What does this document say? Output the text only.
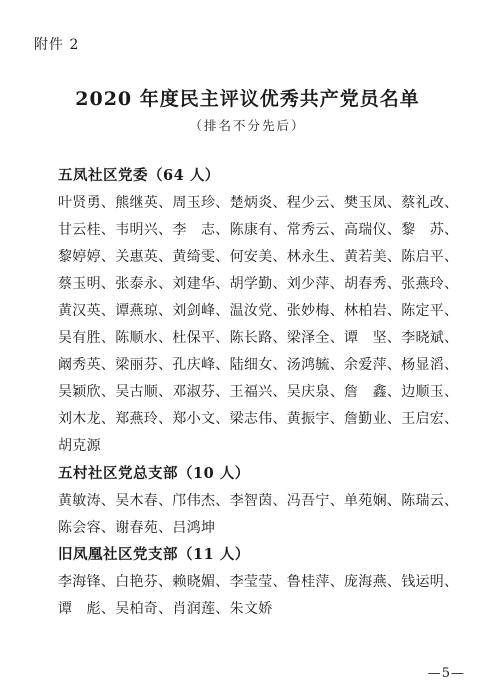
附件 2
2020 年度民主评议优秀共产党员名单
（排名不分先后）
五凤社区党委（64 人）
叶贤勇、熊继英、周玉珍、楚炳炎、程少云、樊玉凤、蔡礼改、
甘云桂、韦明兴、李　志、陈康有、常秀云、高瑞仪、黎　苏、
黎婷婷、关惠英、黄绮雯、何安美、林永生、黄若美、陈启平、
蔡玉明、张泰永、刘建华、胡学勤、刘少萍、胡春秀、张燕玲、
黄汉英、谭燕琼、刘剑峰、温汝党、张妙梅、林柏岩、陈定平、
吴有胜、陈顺水、杜保平、陈长路、梁泽全、谭　坚、李晓斌、
阚秀英、梁丽芬、孔庆峰、陆细女、汤鸿毓、余爱萍、杨显滔、
吴颖欣、吴古顺、邓淑芬、王福兴、吴庆泉、詹　鑫、边顺玉、
刘木龙、郑燕玲、郑小文、梁志伟、黄振宇、詹勤业、王启宏、
胡克源
五村社区党总支部（10 人）
黄敏涛、吴木春、邝伟杰、李智茵、冯吾宁、单苑娴、陈瑞云、
陈会容、谢春苑、吕鸿坤
旧凤凰社区党支部（11 人）
李海锋、白艳芬、赖晓媚、李莹莹、鲁桂萍、庞海燕、钱运明、
谭　彪、吴柏奇、肖润莲、朱文娇
—5—
